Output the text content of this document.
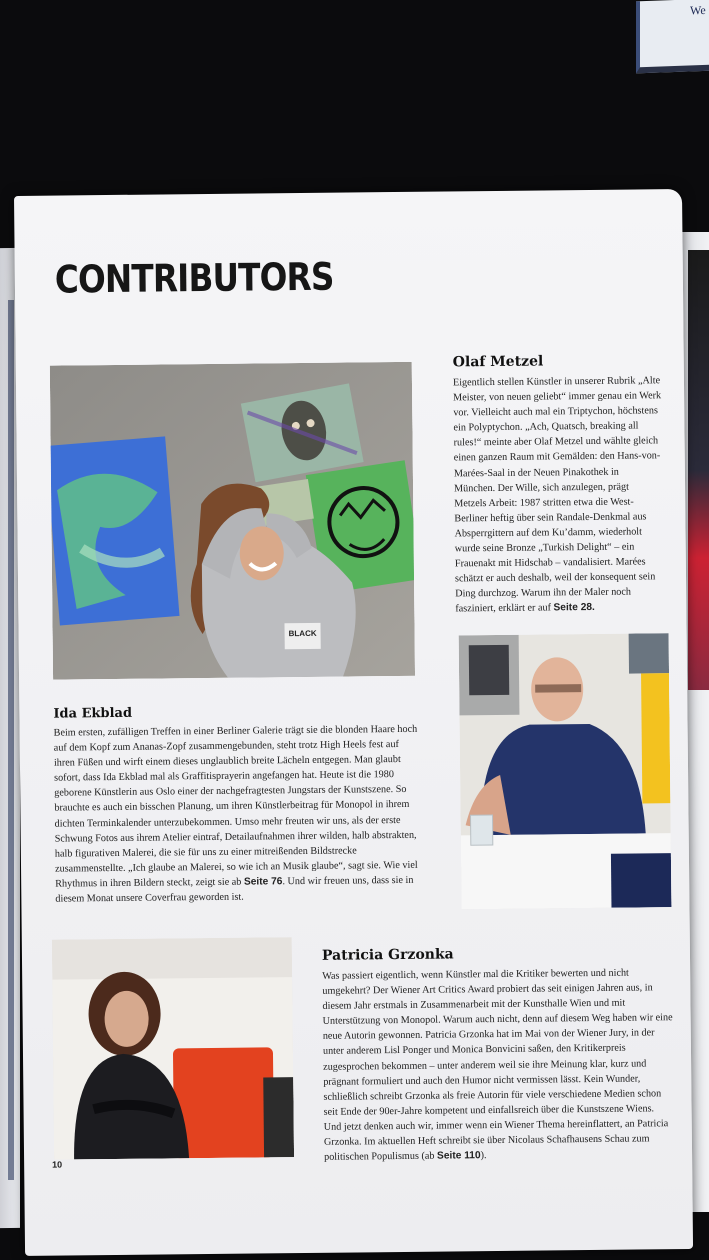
We
CONTRIBUTORS
BLACK
Olaf Metzel

Eigentlich stellen Künstler in unserer Rubrik „Alte Meister, von neuen geliebt“ immer genau ein Werk vor. Vielleicht auch mal ein Triptychon, höchstens ein Polyptychon. „Ach, Quatsch, breaking all rules!“ meinte aber Olaf Metzel und wählte gleich einen ganzen Raum mit Gemälden: den Hans-von-Marées-Saal in der Neuen Pinakothek in München. Der Wille, sich anzulegen, prägt Metzels Arbeit: 1987 stritten etwa die West-Berliner heftig über sein Randale-Denkmal aus Absperrgittern auf dem Ku’damm, wiederholt wurde seine Bronze „Turkish Delight“ – ein Frauenakt mit Hidschab – vandalisiert. Marées schätzt er auch deshalb, weil der konsequent sein Ding durchzog. Warum ihn der Maler noch fasziniert, erklärt er auf Seite 28.

Ida Ekblad

Beim ersten, zufälligen Treffen in einer Berliner Galerie trägt sie die blonden Haare hoch auf dem Kopf zum Ananas-Zopf zusammengebunden, steht trotz High Heels fest auf ihren Füßen und wirft einem dieses unglaublich breite Lächeln entgegen. Man glaubt sofort, dass Ida Ekblad mal als Graffitisprayerin angefangen hat. Heute ist die 1980 geborene Künstlerin aus Oslo einer der nachgefragtesten Jungstars der Kunstszene. So brauchte es auch ein bisschen Planung, um ihren Künstlerbeitrag für Monopol in ihrem dichten Terminkalender unterzubekommen. Umso mehr freuten wir uns, als der erste Schwung Fotos aus ihrem Atelier eintraf, Detailaufnahmen ihrer wilden, halb abstrakten, halb figurativen Malerei, die sie für uns zu einer mitreißenden Bildstrecke zusammenstellte. „Ich glaube an Malerei, so wie ich an Musik glaube“, sagt sie. Wie viel Rhythmus in ihren Bildern steckt, zeigt sie ab Seite 76. Und wir freuen uns, dass sie in diesem Monat unsere Coverfrau geworden ist.

Patricia Grzonka

Was passiert eigentlich, wenn Künstler mal die Kritiker bewerten und nicht umgekehrt? Der Wiener Art Critics Award probiert das seit einigen Jahren aus, in diesem Jahr erstmals in Zusammenarbeit mit der Kunsthalle Wien und mit Unterstützung von Monopol. Warum auch nicht, denn auf diesem Weg haben wir eine neue Autorin gewonnen. Patricia Grzonka hat im Mai von der Wiener Jury, in der unter anderem Lisl Ponger und Monica Bonvicini saßen, den Kritikerpreis zugesprochen bekommen – unter anderem weil sie ihre Meinung klar, kurz und prägnant formuliert und auch den Humor nicht vermissen lässt. Kein Wunder, schließlich schreibt Grzonka als freie Autorin für viele verschiedene Medien schon seit Ende der 90er-Jahre kompetent und einfallsreich über die Kunstszene Wiens. Und jetzt denken auch wir, immer wenn ein Wiener Thema hereinflattert, an Patricia Grzonka. Im aktuellen Heft schreibt sie über Nicolaus Schafhausens Schau zum politischen Populismus (ab Seite 110).

10
